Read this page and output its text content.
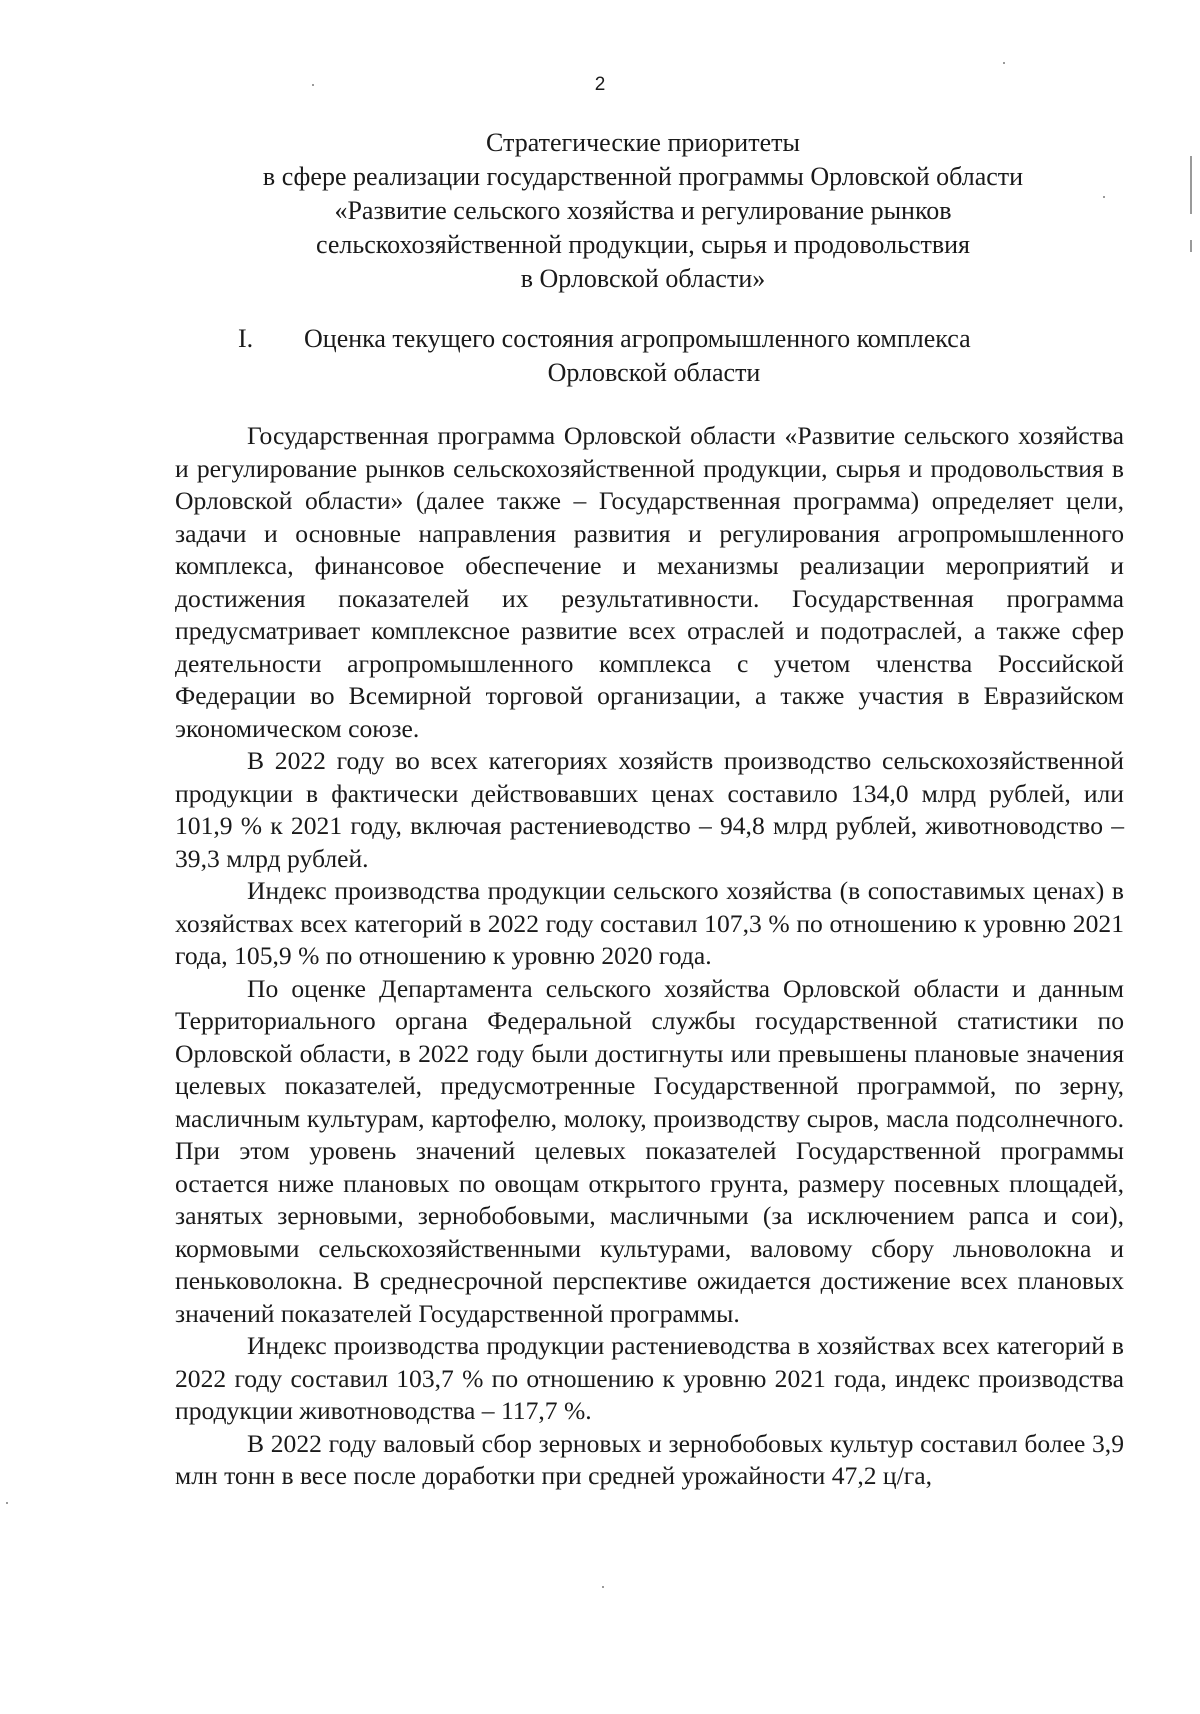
2
Стратегические приоритеты
в сфере реализации государственной программы Орловской области
«Развитие сельского хозяйства и регулирование рынков
сельскохозяйственной продукции, сырья и продовольствия
в Орловской области»
I. Оценка текущего состояния агропромышленного комплекса
Орловской области

Государственная программа Орловской области «Развитие сельского хозяйства и регулирование рынков сельскохозяйственной продукции, сырья и продовольствия в Орловской области» (далее также – Государственная программа) определяет цели, задачи и основные направления развития и регулирования агропромышленного комплекса, финансовое обеспечение и механизмы реализации мероприятий и достижения показателей их результативности. Государственная программа предусматривает комплексное развитие всех отраслей и подотраслей, а также сфер деятельности агропромышленного комплекса с учетом членства Российской Федерации во Всемирной торговой организации, а также участия в Евразийском экономическом союзе.

В 2022 году во всех категориях хозяйств производство сельскохозяйственной продукции в фактически действовавших ценах составило 134,0 млрд рублей, или 101,9 % к 2021 году, включая растениеводство – 94,8 млрд рублей, животноводство – 39,3 млрд рублей.

Индекс производства продукции сельского хозяйства (в сопоставимых ценах) в хозяйствах всех категорий в 2022 году составил 107,3 % по отношению к уровню 2021 года, 105,9 % по отношению к уровню 2020 года.

По оценке Департамента сельского хозяйства Орловской области и данным Территориального органа Федеральной службы государственной статистики по Орловской области, в 2022 году были достигнуты или превышены плановые значения целевых показателей, предусмотренные Государственной программой, по зерну, масличным культурам, картофелю, молоку, производству сыров, масла подсолнечного. При этом уровень значений целевых показателей Государственной программы остается ниже плановых по овощам открытого грунта, размеру посевных площадей, занятых зерновыми, зернобобовыми, масличными (за исключением рапса и сои), кормовыми сельскохозяйственными культурами, валовому сбору льноволокна и пеньковолокна. В среднесрочной перспективе ожидается достижение всех плановых значений показателей Государственной программы.

Индекс производства продукции растениеводства в хозяйствах всех категорий в 2022 году составил 103,7 % по отношению к уровню 2021 года, индекс производства продукции животноводства – 117,7 %.

В 2022 году валовый сбор зерновых и зернобобовых культур составил более 3,9 млн тонн в весе после доработки при средней урожайности 47,2 ц/га,
